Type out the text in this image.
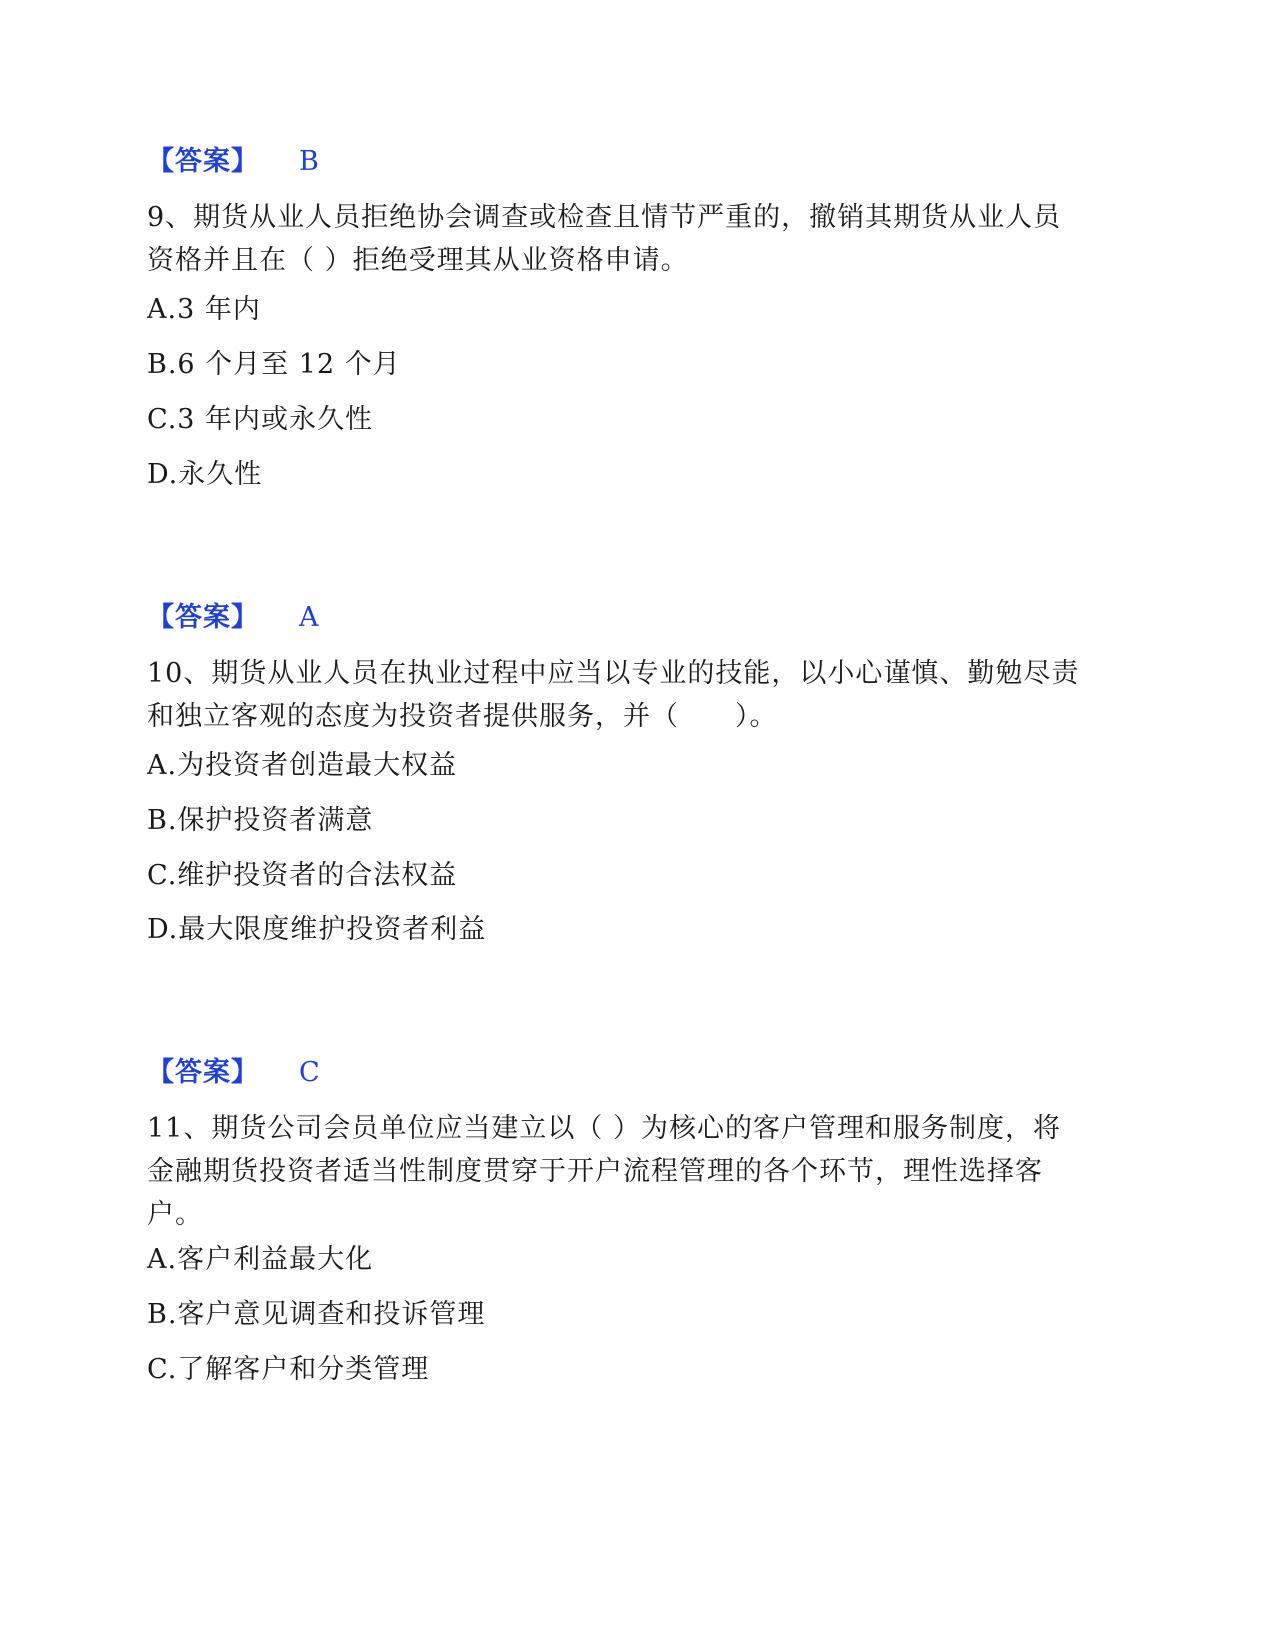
【答案】 B
9、期货从业人员拒绝协会调查或检查且情节严重的，撤销其期货从业人员资格并且在（ ）拒绝受理其从业资格申请。
A.3 年内
B.6 个月至 12 个月
C.3 年内或永久性
D.永久性
【答案】 A
10、期货从业人员在执业过程中应当以专业的技能，以小心谨慎、勤勉尽责和独立客观的态度为投资者提供服务，并（　　）。
A.为投资者创造最大权益
B.保护投资者满意
C.维护投资者的合法权益
D.最大限度维护投资者利益
【答案】 C
11、期货公司会员单位应当建立以（ ）为核心的客户管理和服务制度，将金融期货投资者适当性制度贯穿于开户流程管理的各个环节，理性选择客户。
A.客户利益最大化
B.客户意见调查和投诉管理
C.了解客户和分类管理
